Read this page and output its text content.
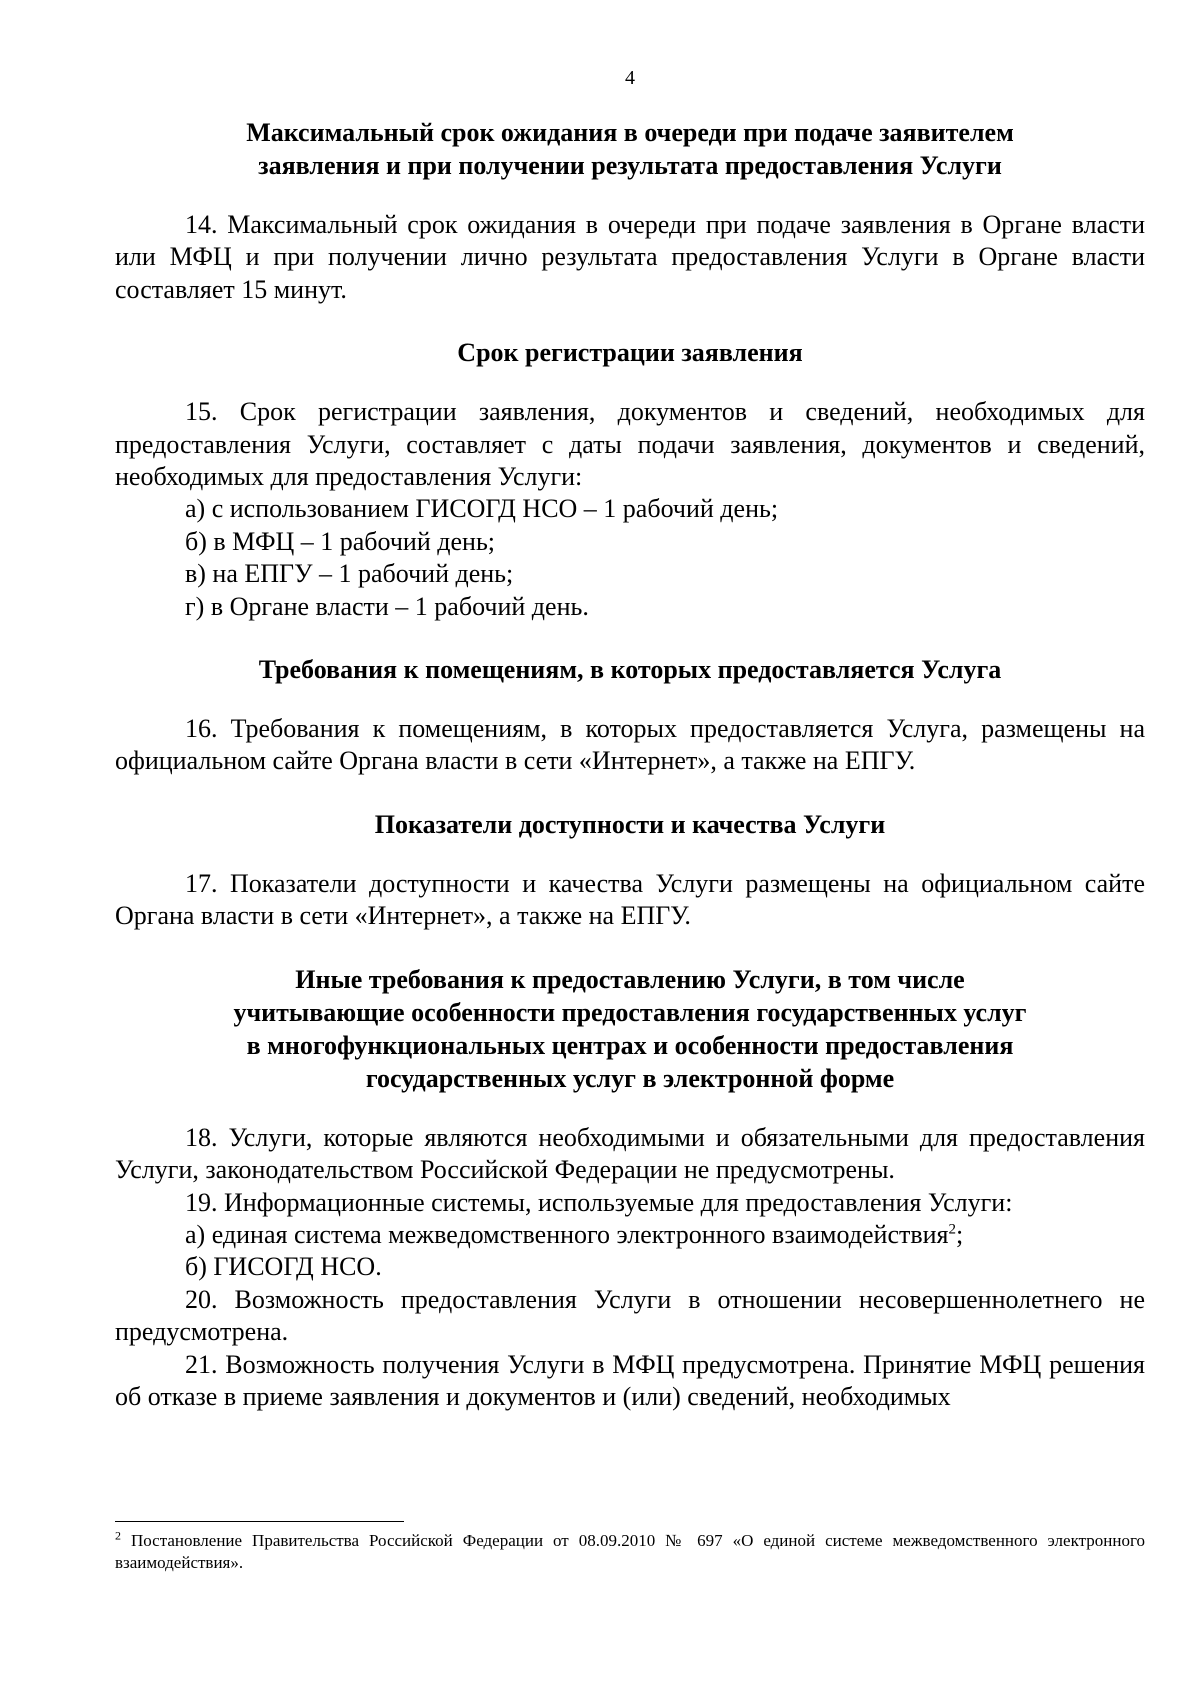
4
Максимальный срок ожидания в очереди при подаче заявителем
заявления и при получении результата предоставления Услуги

14. Максимальный срок ожидания в очереди при подаче заявления в Органе власти или МФЦ и при получении лично результата предоставления Услуги в Органе власти составляет 15 минут.

Срок регистрации заявления

15. Срок регистрации заявления, документов и сведений, необходимых для предоставления Услуги, составляет с даты подачи заявления, документов и сведений, необходимых для предоставления Услуги:

а) с использованием ГИСОГД НСО – 1 рабочий день;

б) в МФЦ – 1 рабочий день;

в) на ЕПГУ – 1 рабочий день;

г) в Органе власти – 1 рабочий день.

Требования к помещениям, в которых предоставляется Услуга

16. Требования к помещениям, в которых предоставляется Услуга, размещены на официальном сайте Органа власти в сети «Интернет», а также на ЕПГУ.

Показатели доступности и качества Услуги

17. Показатели доступности и качества Услуги размещены на официальном сайте Органа власти в сети «Интернет», а также на ЕПГУ.

Иные требования к предоставлению Услуги, в том числе
учитывающие особенности предоставления государственных услуг
в многофункциональных центрах и особенности предоставления
государственных услуг в электронной форме

18. Услуги, которые являются необходимыми и обязательными для предоставления Услуги, законодательством Российской Федерации не предусмотрены.

19. Информационные системы, используемые для предоставления Услуги:

а) единая система межведомственного электронного взаимодействия$^2$;

б) ГИСОГД НСО.

20. Возможность предоставления Услуги в отношении несовершеннолетнего не предусмотрена.

21. Возможность получения Услуги в МФЦ предусмотрена. Принятие МФЦ решения об отказе в приеме заявления и документов и (или) сведений, необходимых

$^2$ Постановление Правительства Российской Федерации от 08.09.2010 № 697 «О единой системе межведомственного электронного взаимодействия».
